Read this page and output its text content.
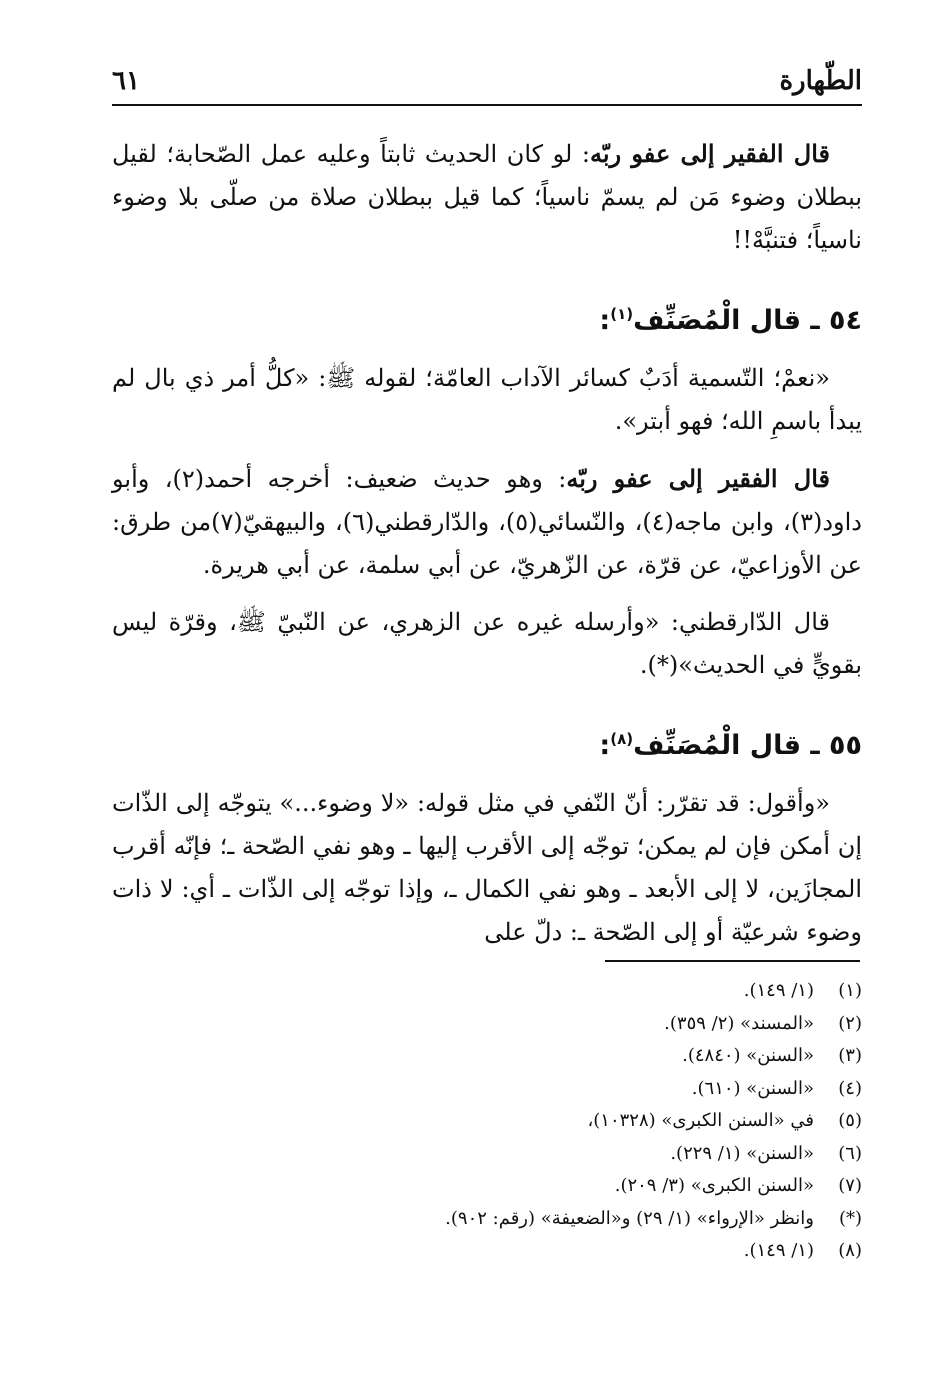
الطّهارة
٦١

قال الفقير إلى عفو ربّه: لو كان الحديث ثابتاً وعليه عمل الصّحابة؛ لقيل ببطلان وضوء مَن لم يسمّ ناسياً؛ كما قيل ببطلان صلاة من صلّى بلا وضوء ناسياً؛ فتنبَّهْ!!

٥٤ ـ قال الْمُصَنِّف$^{(١)}$:

«نعمْ؛ التّسمية أدَبٌ كسائر الآداب العامّة؛ لقوله ﷺ: «كلُّ أمر ذي بال لم يبدأ باسمِ الله؛ فهو أبتر».

قال الفقير إلى عفو ربّه: وهو حديث ضعيف: أخرجه أحمد(٢)، وأبو داود(٣)، وابن ماجه(٤)، والنّسائي(٥)، والدّارقطني(٦)، والبيهقيّ(٧)من طرق: عن الأوزاعيّ، عن قرّة، عن الزّهريّ، عن أبي سلمة، عن أبي هريرة.

قال الدّارقطني: «وأرسله غيره عن الزهري، عن النّبيّ ﷺ، وقرّة ليس بقويٍّ في الحديث»(*).

٥٥ ـ قال الْمُصَنِّف$^{(٨)}$:

«وأقول: قد تقرّر: أنّ النّفي في مثل قوله: «لا وضوء...» يتوجّه إلى الذّات إن أمكن فإن لم يمكن؛ توجّه إلى الأقرب إليها ـ وهو نفي الصّحة ـ؛ فإنّه أقرب المجازَين، لا إلى الأبعد ـ وهو نفي الكمال ـ، وإذا توجّه إلى الذّات ـ أي: لا ذات وضوء شرعيّة أو إلى الصّحة ـ: دلّ على

(١)
(١/ ١٤٩).
(٢)
«المسند» (٢/ ٣٥٩).
(٣)
«السنن» (٤٨٤٠).
(٤)
«السنن» (٦١٠).
(٥)
في «السنن الكبرى» (١٠٣٢٨)،
(٦)
«السنن» (١/ ٢٢٩).
(٧)
«السنن الكبرى» (٣/ ٢٠٩).
(*)
وانظر «الإرواء» (١/ ٢٩) و«الضعيفة» (رقم: ٩٠٢).
(٨)
(١/ ١٤٩).
